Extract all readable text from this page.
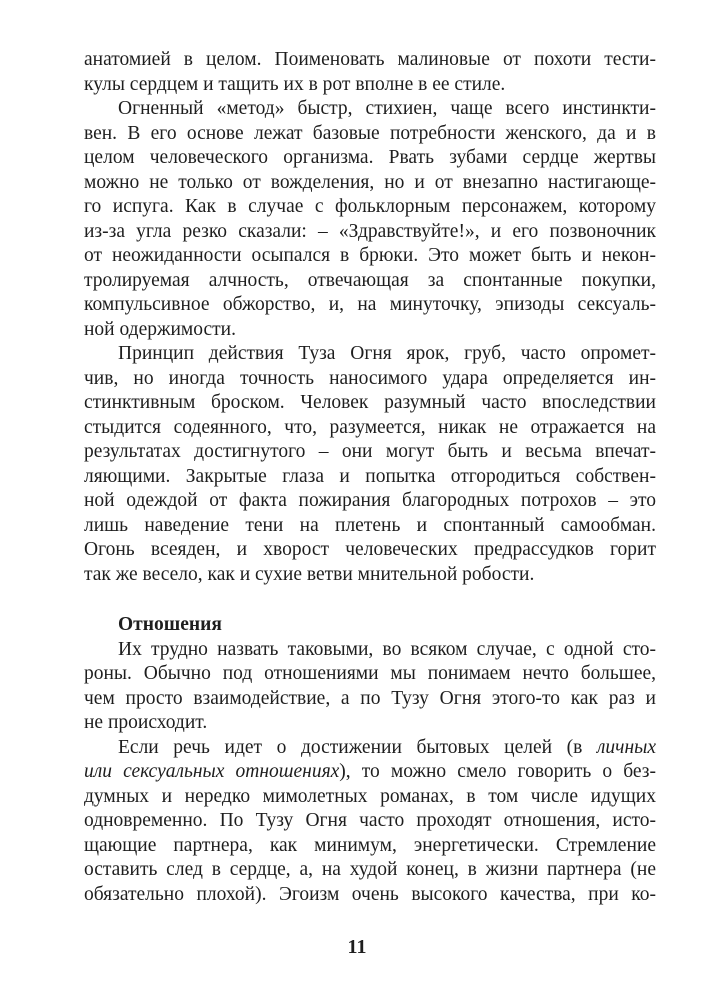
анатомией в целом. Поименовать малиновые от похоти тести-
кулы сердцем и тащить их в рот вполне в ее стиле.
Огненный «метод» быстр, стихиен, чаще всего инстинкти-
вен. В его основе лежат базовые потребности женского, да и в
целом человеческого организма. Рвать зубами сердце жертвы
можно не только от вожделения, но и от внезапно настигающе-
го испуга. Как в случае с фольклорным персонажем, которому
из-за угла резко сказали: – «Здравствуйте!», и его позвоночник
от неожиданности осыпался в брюки. Это может быть и некон-
тролируемая алчность, отвечающая за спонтанные покупки,
компульсивное обжорство, и, на минуточку, эпизоды сексуаль-
ной одержимости.
Принцип действия Туза Огня ярок, груб, часто опромет-
чив, но иногда точность наносимого удара определяется ин-
стинктивным броском. Человек разумный часто впоследствии
стыдится содеянного, что, разумеется, никак не отражается на
результатах достигнутого – они могут быть и весьма впечат-
ляющими. Закрытые глаза и попытка отгородиться собствен-
ной одеждой от факта пожирания благородных потрохов – это
лишь наведение тени на плетень и спонтанный самообман.
Огонь всеяден, и хворост человеческих предрассудков горит
так же весело, как и сухие ветви мнительной робости.
Отношения
Их трудно назвать таковыми, во всяком случае, с одной сто-
роны. Обычно под отношениями мы понимаем нечто большее,
чем просто взаимодействие, а по Тузу Огня этого-то как раз и
не происходит.
Если речь идет о достижении бытовых целей (в личных
или сексуальных отношениях), то можно смело говорить о без-
думных и нередко мимолетных романах, в том числе идущих
одновременно. По Тузу Огня часто проходят отношения, исто-
щающие партнера, как минимум, энергетически. Стремление
оставить след в сердце, а, на худой конец, в жизни партнера (не
обязательно плохой). Эгоизм очень высокого качества, при ко-
11
